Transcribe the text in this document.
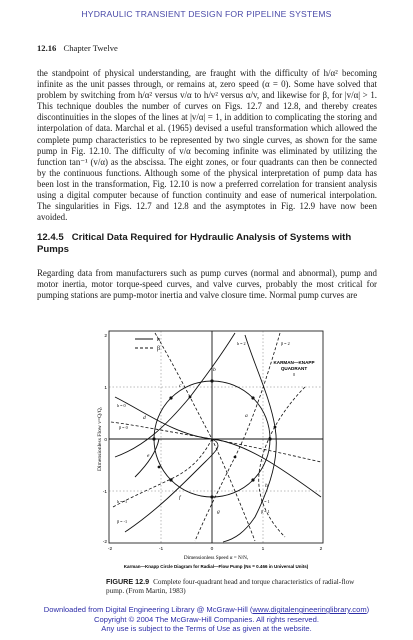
HYDRAULIC TRANSIENT DESIGN FOR PIPELINE SYSTEMS
12.16 Chapter Twelve
the standpoint of physical understanding, are fraught with the difficulty of h/α² becoming infinite as the unit passes through, or remains at, zero speed (α = 0). Some have solved that problem by switching from h/α² versus v/α to h/v² versus α/v, and likewise for β, for |v/α| > 1. This technique doubles the number of curves on Figs. 12.7 and 12.8, and thereby creates discontinuities in the slopes of the lines at |v/α| = 1, in addition to complicating the storing and interpolation of data. Marchal et al. (1965) devised a useful transformation which allowed the complete pump characteristics to be represented by two single curves, as shown for the same pump in Fig. 12.10. The difficulty of v/α becoming infinite was eliminated by utilizing the function tan⁻¹ (v/α) as the abscissa. The eight zones, or four quadrants can then be connected by the continuous functions. Although some of the physical interpretation of pump data has been lost in the transformation, Fig. 12.10 is now a preferred correlation for transient analysis using a digital computer because of function continuity and ease of numerical interpolation. The singularities in Figs. 12.7 and 12.8 and the asymptotes in Fig. 12.9 have now been avoided.
12.4.5 Critical Data Required for Hydraulic Analysis of Systems with Pumps
Regarding data from manufacturers such as pump curves (normal and abnormal), pump and motor inertia, motor torque-speed curves, and valve curves, probably the most critical for pumping stations are pump-motor inertia and valve closure time. Normal pump curves are
h
β
KARMAN—KNAPP
QUADRANT
I
a
b
c
d
e
f
g
h
h = 0
β = 0
h = 1
β = 1
h = -1
β = -1
h = 2	β = 2
2
1
0
-1
-2
-2	-1	0	1	2
Dimensionless Flow v=Q/Qᵣ
Dimensionless Speed α = N/Nᵣ
Karman—Knapp Circle Diagram for Radial—Flow Pump (Ns = 0.466 in Universal Units)
FIGURE 12.9 Complete four-quadrant head and torque characteristics of radial-flow pump. (From Martin, 1983)
Downloaded from Digital Engineering Library @ McGraw-Hill (www.digitalengineeringlibrary.com)
Copyright © 2004 The McGraw-Hill Companies. All rights reserved.
Any use is subject to the Terms of Use as given at the website.
